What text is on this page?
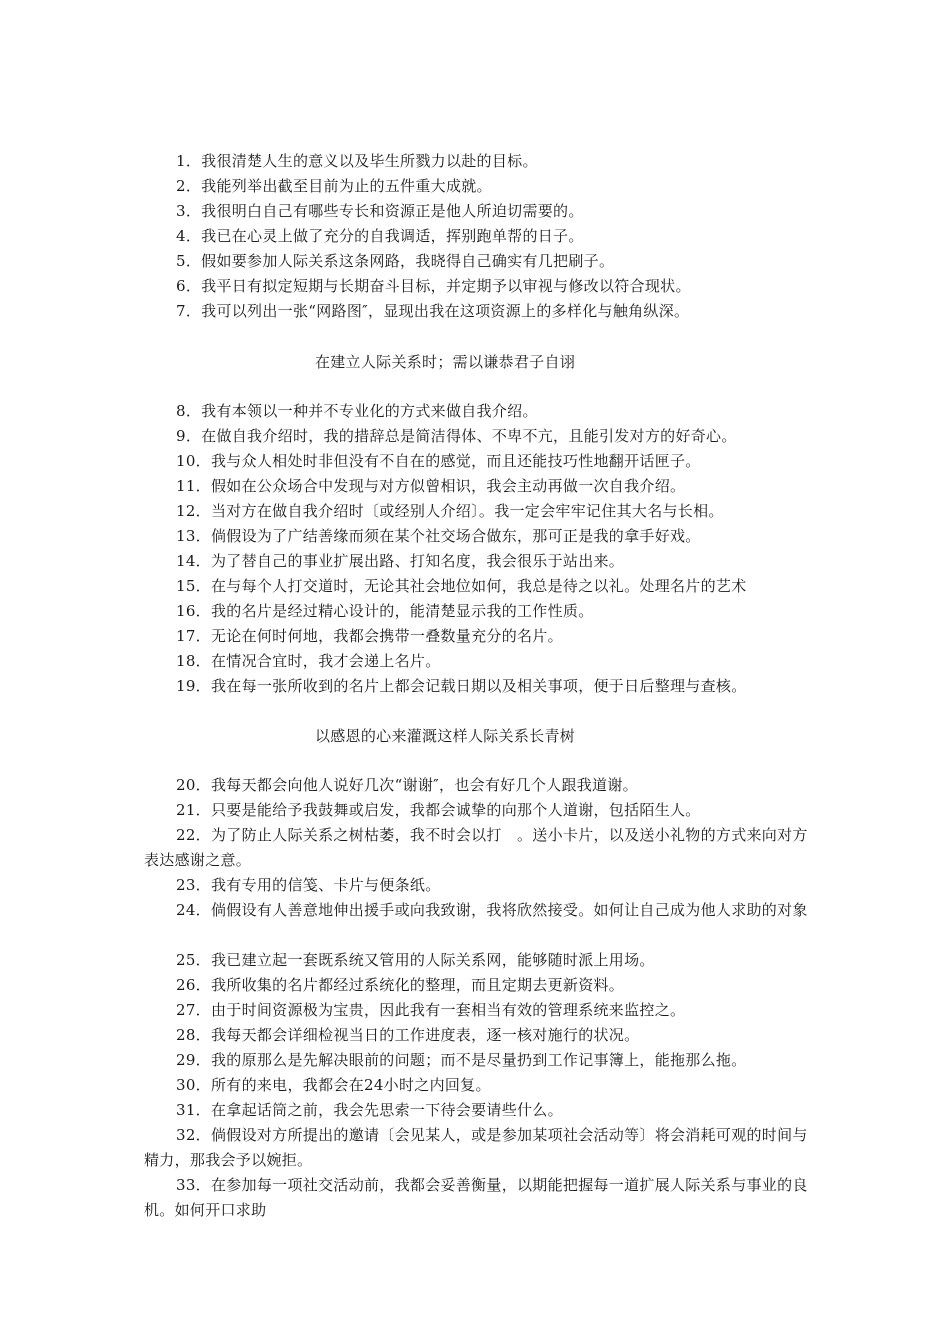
1．我很清楚人生的意义以及毕生所戮力以赴的目标。

2．我能列举出截至目前为止的五件重大成就。

3．我很明白自己有哪些专长和资源正是他人所迫切需要的。

4．我已在心灵上做了充分的自我调适，挥别跑单帮的日子。

5．假如要参加人际关系这条网路，我晓得自己确实有几把刷子。

6．我平日有拟定短期与长期奋斗目标，并定期予以审视与修改以符合现状。

7．我可以列出一张“网路图″，显现出我在这项资源上的多样化与触角纵深。

在建立人际关系时；需以谦恭君子自诩

8．我有本领以一种并不专业化的方式来做自我介绍。

9．在做自我介绍时，我的措辞总是简洁得体、不卑不亢，且能引发对方的好奇心。

10．我与众人相处时非但没有不自在的感觉，而且还能技巧性地翻开话匣子。

11．假如在公众场合中发现与对方似曾相识，我会主动再做一次自我介绍。

12．当对方在做自我介绍时〔或经别人介绍〕。我一定会牢牢记住其大名与长相。

13．倘假设为了广结善缘而须在某个社交场合做东，那可正是我的拿手好戏。

14．为了替自己的事业扩展出路、打知名度，我会很乐于站出来。

15．在与每个人打交道时，无论其社会地位如何，我总是待之以礼。处理名片的艺术

16．我的名片是经过精心设计的，能清楚显示我的工作性质。

17．无论在何时何地，我都会携带一叠数量充分的名片。

18．在情况合宜时，我才会递上名片。

19．我在每一张所收到的名片上都会记载日期以及相关事项，便于日后整理与查核。

以感恩的心来灌溉这样人际关系长青树

20．我每天都会向他人说好几次“谢谢″，也会有好几个人跟我道谢。

21．只要是能给予我鼓舞或启发，我都会诚挚的向那个人道谢，包括陌生人。

22．为了防止人际关系之树枯萎，我不时会以打　。送小卡片，以及送小礼物的方式来向对方表达感谢之意。

23．我有专用的信笺、卡片与便条纸。

24．倘假设有人善意地伸出援手或向我致谢，我将欣然接受。如何让自己成为他人求助的对象

25．我已建立起一套既系统又管用的人际关系网，能够随时派上用场。

26．我所收集的名片都经过系统化的整理，而且定期去更新资料。

27．由于时间资源极为宝贵，因此我有一套相当有效的管理系统来监控之。

28．我每天都会详细检视当日的工作进度表，逐一核对施行的状况。

29．我的原那么是先解决眼前的问题；而不是尽量扔到工作记事簿上，能拖那么拖。

30．所有的来电，我都会在24小时之内回复。

31．在拿起话筒之前，我会先思索一下待会要请些什么。

32．倘假设对方所提出的邀请〔会见某人，或是参加某项社会活动等〕将会消耗可观的时间与精力，那我会予以婉拒。

33．在参加每一项社交活动前，我都会妥善衡量，以期能把握每一道扩展人际关系与事业的良机。如何开口求助
